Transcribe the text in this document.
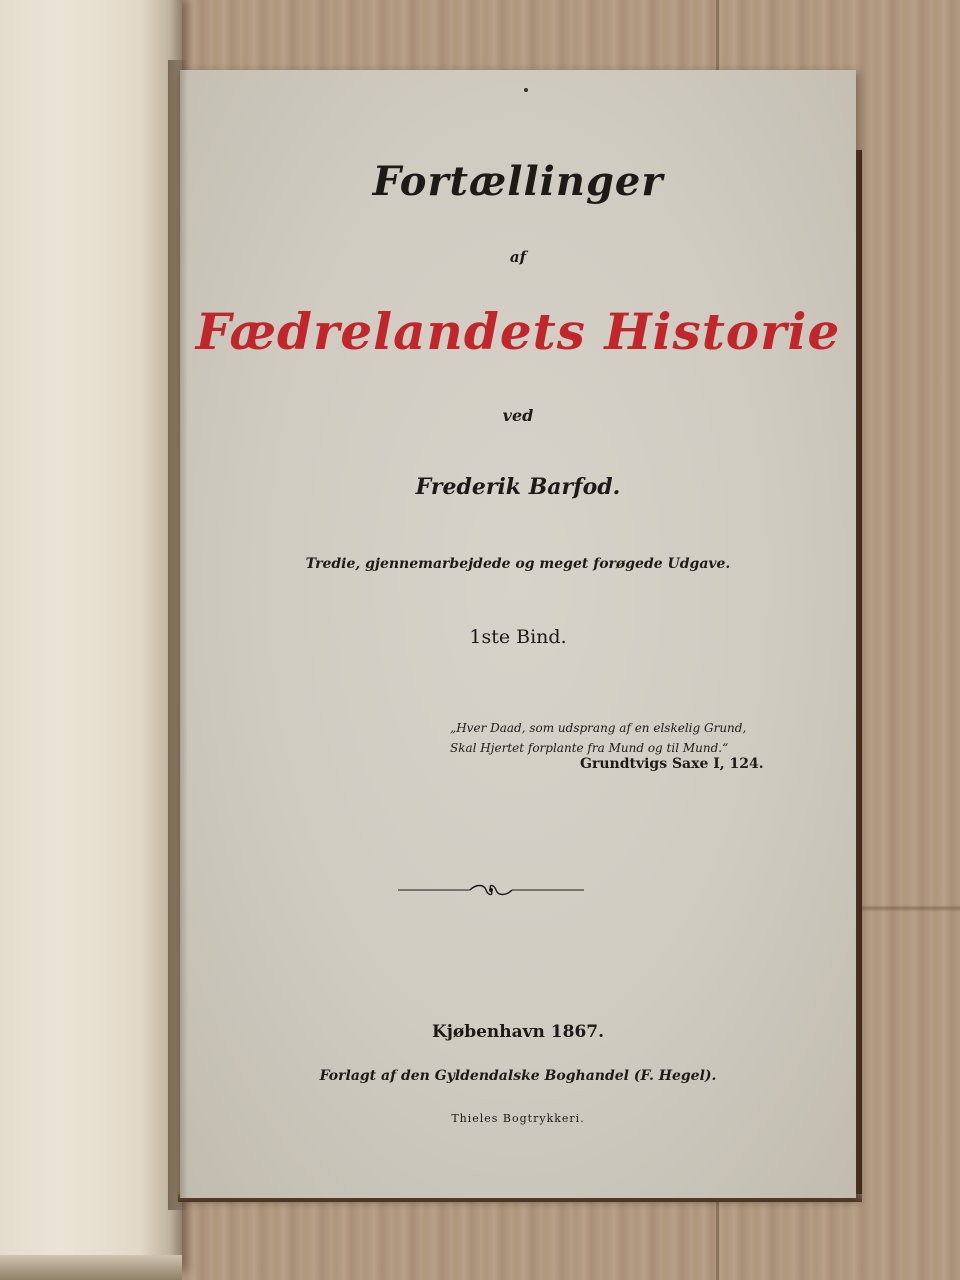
Fortællinger
af
Fædrelandets Historie
ved
Frederik Barfod.
Tredie, gjennemarbejdede og meget forøgede Udgave.
1ste Bind.
„Hver Daad, som udsprang af en elskelig Grund,
Skal Hjertet forplante fra Mund og til Mund.“
Grundtvigs Saxe I, 124.
Kjøbenhavn 1867.
Forlagt af den Gyldendalske Boghandel (F. Hegel).
Thieles Bogtrykkeri.
